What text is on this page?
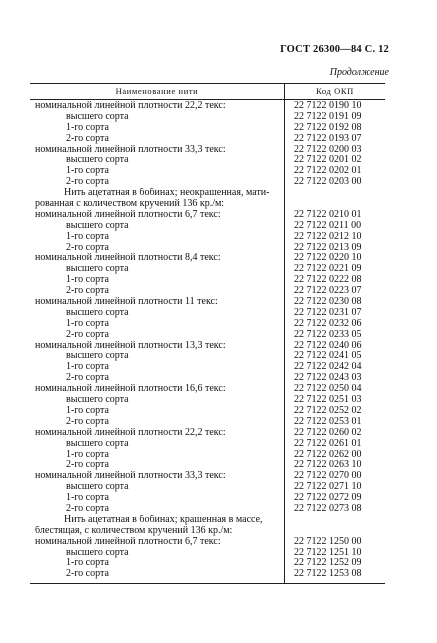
ГОСТ 26300—84 С. 12
Продолжение
Наименование нити	Код ОКП
номинальной линейной плотности 22,2 текс:
высшего сорта
1-го сорта
2-го сорта
номинальной линейной плотности 33,3 текс:
высшего сорта
1-го сорта
2-го сорта
Нить ацетатная в бобинах; неокрашенная, мати-
рованная с количеством кручений 136 кр./м:
номинальной линейной плотности 6,7 текс:
высшего сорта
1-го сорта
2-го сорта
номинальной линейной плотности 8,4 текс:
высшего сорта
1-го сорта
2-го сорта
номинальной линейной плотности 11 текс:
высшего сорта
1-го сорта
2-го сорта
номинальной линейной плотности 13,3 текс:
высшего сорта
1-го сорта
2-го сорта
номинальной линейной плотности 16,6 текс:
высшего сорта
1-го сорта
2-го сорта
номинальной линейной плотности 22,2 текс:
высшего сорта
1-го сорта
2-го сорта
номинальной линейной плотности 33,3 текс:
высшего сорта
1-го сорта
2-го сорта
Нить ацетатная в бобинах; крашенная в массе,
блестящая, с количеством кручений 136 кр./м:
номинальной линейной плотности 6,7 текс:
высшего сорта
1-го сорта
2-го сорта
22 7122 0190 10
22 7122 0191 09
22 7122 0192 08
22 7122 0193 07
22 7122 0200 03
22 7122 0201 02
22 7122 0202 01
22 7122 0203 00
22 7122 0210 01
22 7122 0211 00
22 7122 0212 10
22 7122 0213 09
22 7122 0220 10
22 7122 0221 09
22 7122 0222 08
22 7122 0223 07
22 7122 0230 08
22 7122 0231 07
22 7122 0232 06
22 7122 0233 05
22 7122 0240 06
22 7122 0241 05
22 7122 0242 04
22 7122 0243 03
22 7122 0250 04
22 7122 0251 03
22 7122 0252 02
22 7122 0253 01
22 7122 0260 02
22 7122 0261 01
22 7122 0262 00
22 7122 0263 10
22 7122 0270 00
22 7122 0271 10
22 7122 0272 09
22 7122 0273 08
22 7122 1250 00
22 7122 1251 10
22 7122 1252 09
22 7122 1253 08
